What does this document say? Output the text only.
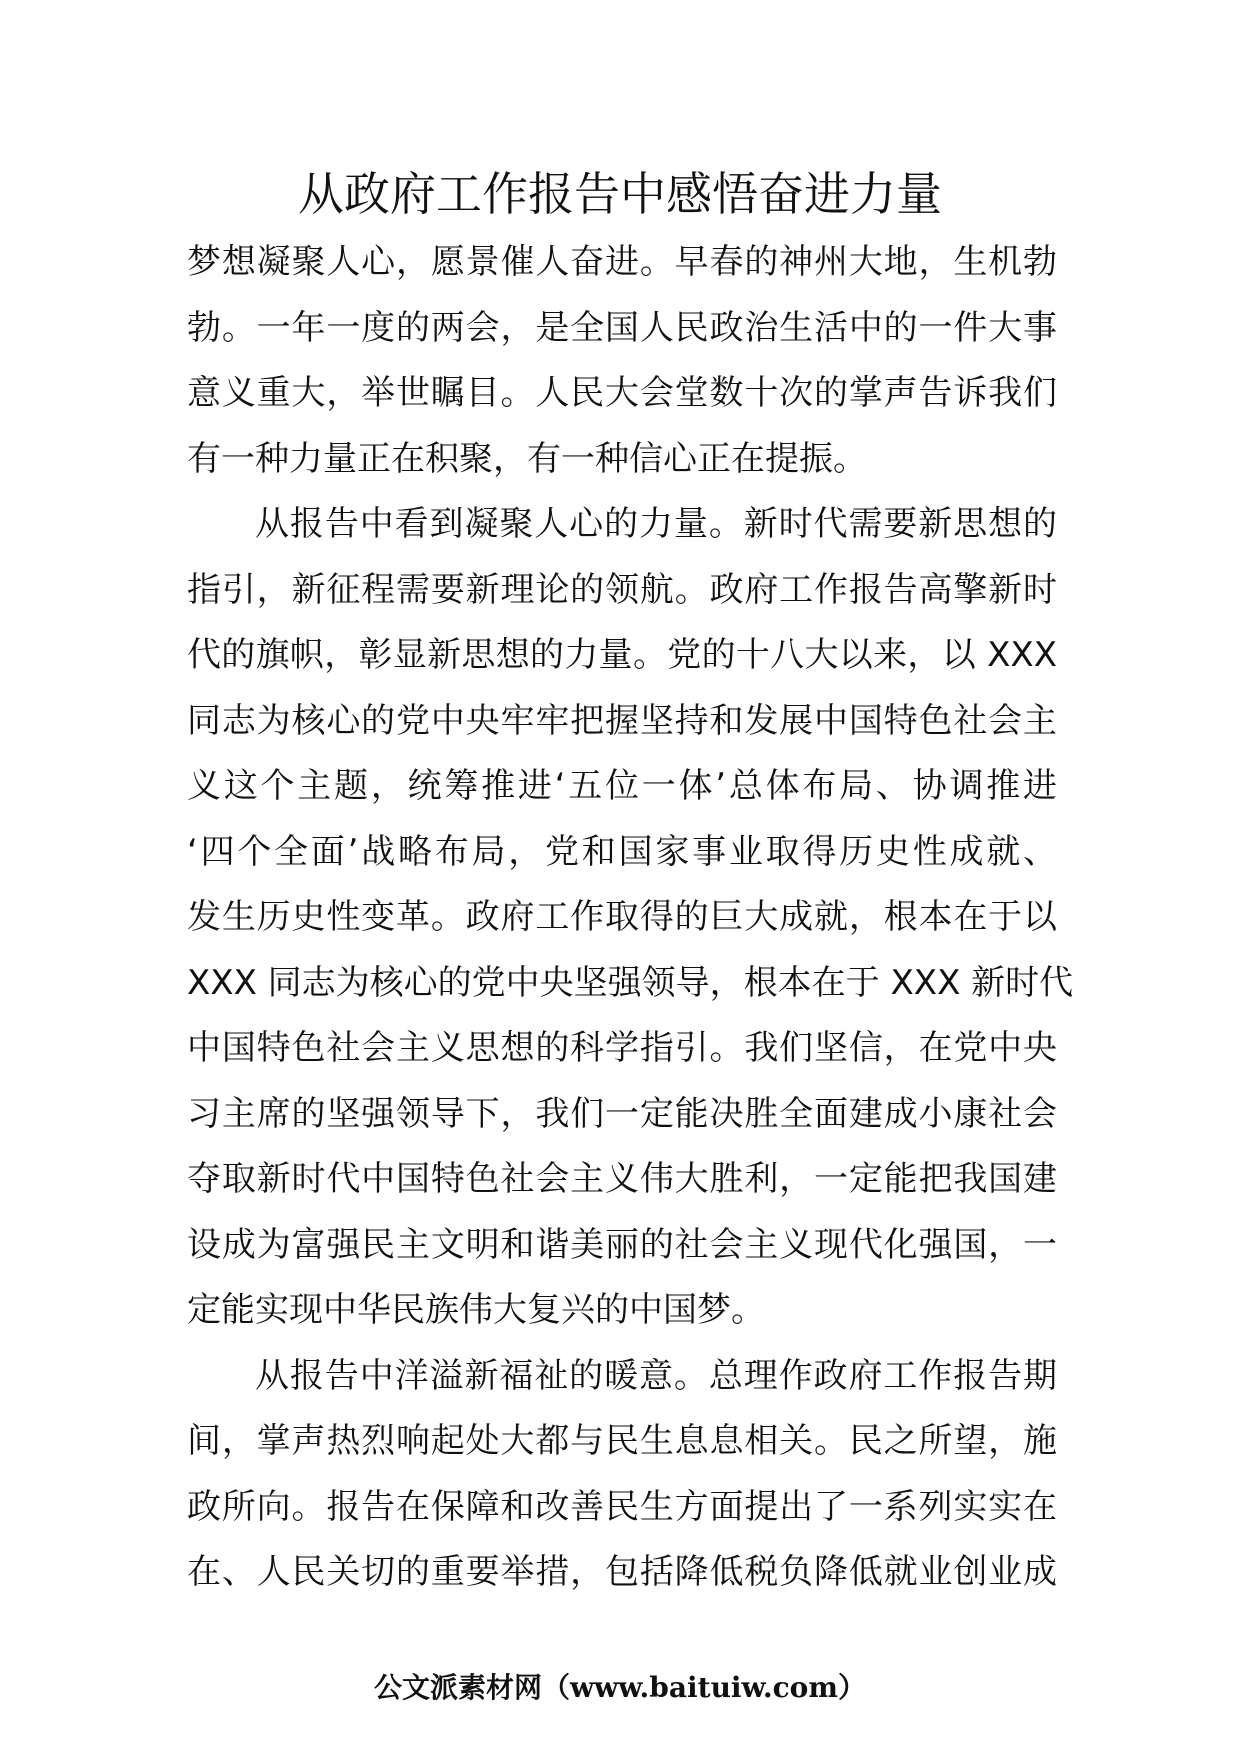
从政府工作报告中感悟奋进力量
梦想凝聚人心，愿景催人奋进。早春的神州大地，生机勃
勃。一年一度的两会，是全国人民政治生活中的一件大事
意义重大，举世瞩目。人民大会堂数十次的掌声告诉我们
有一种力量正在积聚，有一种信心正在提振。
从报告中看到凝聚人心的力量。新时代需要新思想的
指引，新征程需要新理论的领航。政府工作报告高擎新时
代的旗帜，彰显新思想的力量。党的十八大以来，以 XXX
同志为核心的党中央牢牢把握坚持和发展中国特色社会主
义这个主题，统筹推进‘五位一体’总体布局、协调推进
‘四个全面’战略布局，党和国家事业取得历史性成就、
发生历史性变革。政府工作取得的巨大成就，根本在于以
XXX 同志为核心的党中央坚强领导，根本在于 XXX 新时代
中国特色社会主义思想的科学指引。我们坚信，在党中央
习主席的坚强领导下，我们一定能决胜全面建成小康社会
夺取新时代中国特色社会主义伟大胜利，一定能把我国建
设成为富强民主文明和谐美丽的社会主义现代化强国，一
定能实现中华民族伟大复兴的中国梦。
从报告中洋溢新福祉的暖意。总理作政府工作报告期
间，掌声热烈响起处大都与民生息息相关。民之所望，施
政所向。报告在保障和改善民生方面提出了一系列实实在
在、人民关切的重要举措，包括降低税负降低就业创业成
公文派素材网（www.baituiw.com）
